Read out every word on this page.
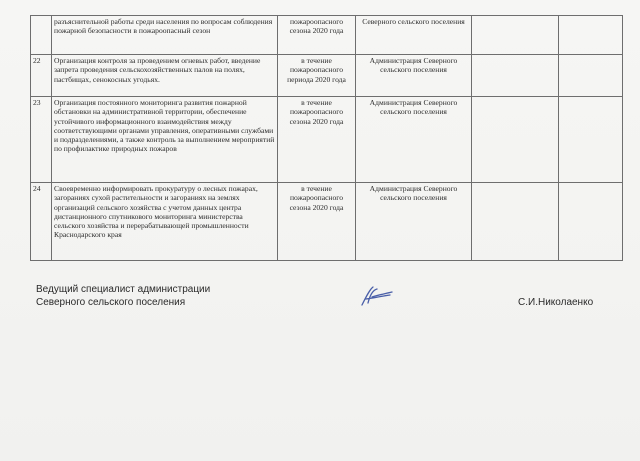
	разъяснительной работы среди населения по вопросам соблюдения пожарной безопасности в пожароопасный сезон	пожароопасного сезона 2020 года	Северного сельского поселения		
22	Организация контроля за проведением огневых работ, введение запрета проведения сельскохозяйственных палов на полях, пастбищах, сенокосных угодьях.	в течение пожароопасного периода 2020 года	Администрация Северного сельского поселения		
23	Организация постоянного мониторинга развития пожарной обстановки на административной территории, обеспечение устойчивого информационного взаимодействия между соответствующими органами управления, оперативными службами и подразделениями, а также контроль за выполнением мероприятий по профилактике природных пожаров	в течение пожароопасного сезона 2020 года	Администрация Северного сельского поселения		
24	Своевременно информировать прокуратуру о лесных пожарах, загораниях сухой растительности и загораниях на землях организаций сельского хозяйства с учетом данных центра дистанционного спутникового мониторинга министерства сельского хозяйства и перерабатывающей промышленности Краснодарского края	в течение пожароопасного сезона 2020 года	Администрация Северного сельского поселения		
Ведущий специалист администрации
Северного сельского поселения	С.И.Николаенко
